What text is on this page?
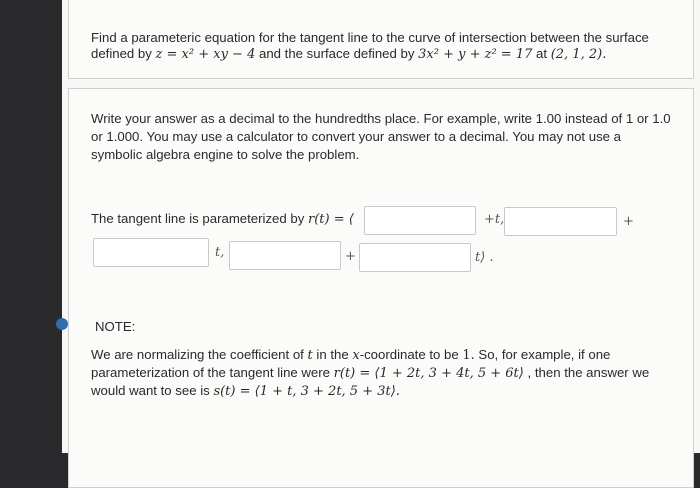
Find a parameteric equation for the tangent line to the curve of intersection between the surface
defined by z = x² + xy − 4 and the surface defined by 3x² + y + z² = 17 at (2, 1, 2).
Write your answer as a decimal to the hundredths place. For example, write 1.00 instead of 1 or 1.0
or 1.000. You may use a calculator to convert your answer to a decimal. You may not use a
symbolic algebra engine to solve the problem.
The tangent line is parameterized by r(t) = ⟨	+t,	+
t,	+	t⟩ .
NOTE:
We are normalizing the coefficient of t in the x-coordinate to be 1. So, for example, if one
parameterization of the tangent line were r(t) = ⟨1 + 2t, 3 + 4t, 5 + 6t⟩ , then the answer we
would want to see is s(t) = ⟨1 + t, 3 + 2t, 5 + 3t⟩.
